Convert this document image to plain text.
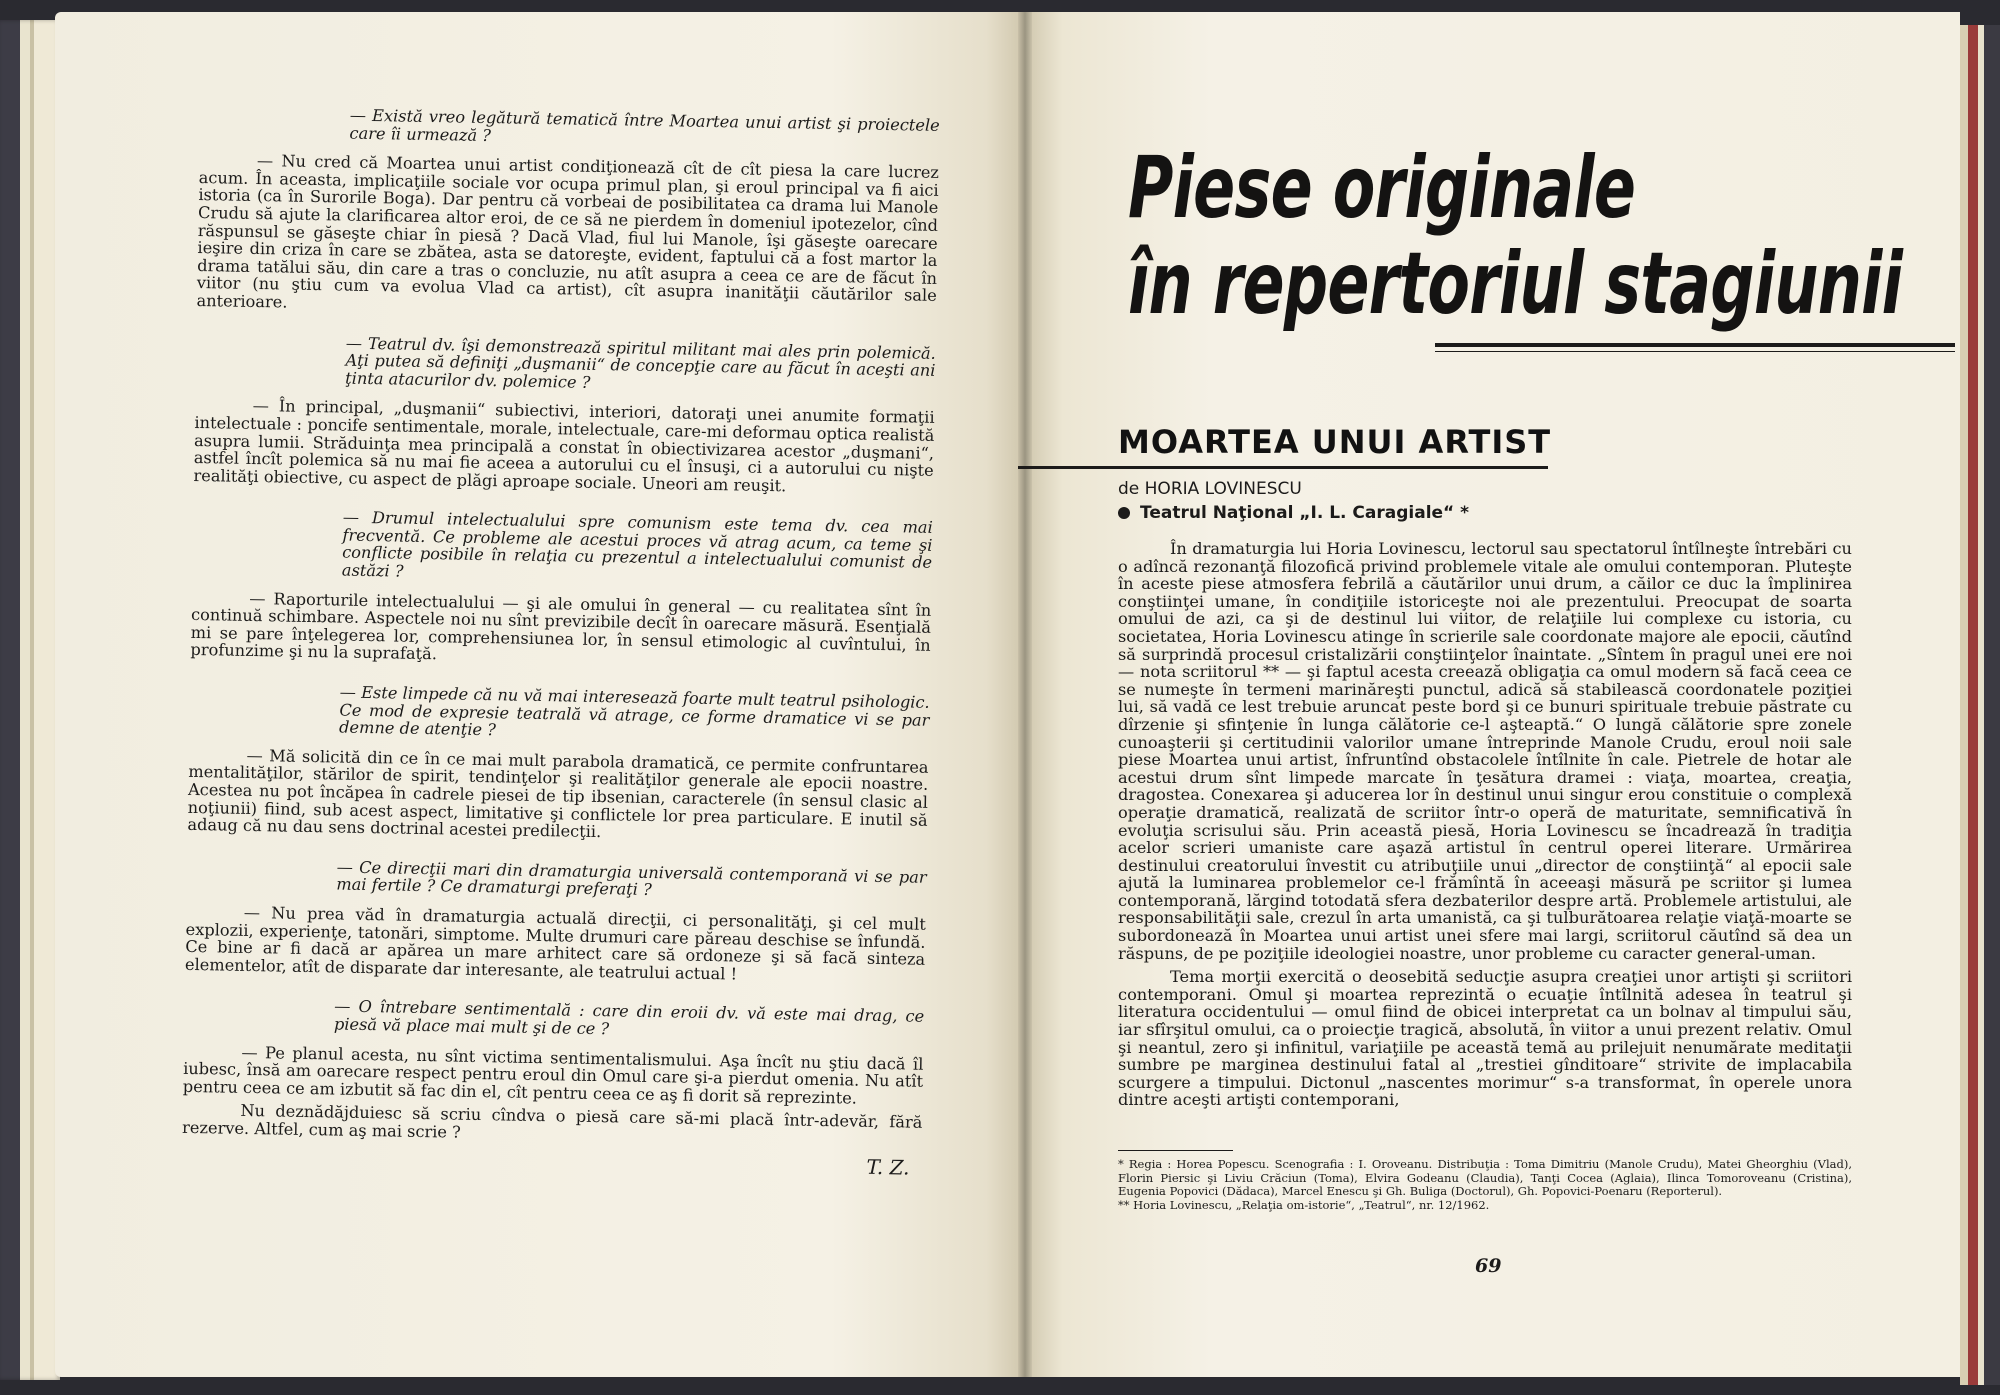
— Există vreo legătură tematică între Moartea unui artist şi proiectele care îi urmează ?

— Nu cred că Moartea unui artist condiţionează cît de cît piesa la care lucrez acum. În aceasta, implicaţiile sociale vor ocupa primul plan, şi eroul principal va fi aici istoria (ca în Surorile Boga). Dar pentru că vorbeai de posibilitatea ca drama lui Manole Crudu să ajute la clarificarea altor eroi, de ce să ne pierdem în domeniul ipotezelor, cînd răspunsul se găseşte chiar în piesă ? Dacă Vlad, fiul lui Manole, îşi găseşte oarecare ieşire din criza în care se zbătea, asta se datoreşte, evident, faptului că a fost martor la drama tatălui său, din care a tras o concluzie, nu atît asupra a ceea ce are de făcut în viitor (nu ştiu cum va evolua Vlad ca artist), cît asupra inanităţii căutărilor sale anterioare.

— Teatrul dv. îşi demonstrează spiritul militant mai ales prin polemică. Aţi putea să definiţi „duşmanii“ de concepţie care au făcut în aceşti ani ţinta atacurilor dv. polemice ?

— În principal, „duşmanii“ subiectivi, interiori, datoraţi unei anumite formaţii intelectuale : poncife sentimentale, morale, intelectuale, care-mi deformau optica realistă asupra lumii. Străduinţa mea principală a constat în obiectivizarea acestor „duşmani“, astfel încît polemica să nu mai fie aceea a autorului cu el însuşi, ci a autorului cu nişte realităţi obiective, cu aspect de plăgi aproape sociale. Uneori am reuşit.

— Drumul intelectualului spre comunism este tema dv. cea mai frecventă. Ce probleme ale acestui proces vă atrag acum, ca teme şi conflicte posibile în relaţia cu prezentul a intelectualului comunist de astăzi ?

— Raporturile intelectualului — şi ale omului în general — cu realitatea sînt în continuă schimbare. Aspectele noi nu sînt previzibile decît în oarecare măsură. Esenţială mi se pare înţelegerea lor, comprehensiunea lor, în sensul etimologic al cuvîntului, în profunzime şi nu la suprafaţă.

— Este limpede că nu vă mai interesează foarte mult teatrul psihologic. Ce mod de expresie teatrală vă atrage, ce forme dramatice vi se par demne de atenţie ?

— Mă solicită din ce în ce mai mult parabola dramatică, ce permite confruntarea mentalităţilor, stărilor de spirit, tendinţelor şi realităţilor generale ale epocii noastre. Acestea nu pot încăpea în cadrele piesei de tip ibsenian, caracterele (în sensul clasic al noţiunii) fiind, sub acest aspect, limitative şi conflictele lor prea particulare. E inutil să adaug că nu dau sens doctrinal acestei predilecţii.

— Ce direcţii mari din dramaturgia universală contemporană vi se par mai fertile ? Ce dramaturgi preferaţi ?

— Nu prea văd în dramaturgia actuală direcţii, ci personalităţi, şi cel mult explozii, experienţe, tatonări, simptome. Multe drumuri care păreau deschise se înfundă. Ce bine ar fi dacă ar apărea un mare arhitect care să ordoneze şi să facă sinteza elementelor, atît de disparate dar interesante, ale teatrului actual !

— O întrebare sentimentală : care din eroii dv. vă este mai drag, ce piesă vă place mai mult şi de ce ?

— Pe planul acesta, nu sînt victima sentimentalismului. Aşa încît nu ştiu dacă îl iubesc, însă am oarecare respect pentru eroul din Omul care şi-a pierdut omenia. Nu atît pentru ceea ce am izbutit să fac din el, cît pentru ceea ce aş fi dorit să reprezinte.

Nu deznădăjduiesc să scriu cîndva o piesă care să-mi placă într-adevăr, fără rezerve. Altfel, cum aş mai scrie ?

T. Z.
Piese originale
în repertoriul stagiunii
MOARTEA UNUI ARTIST
de HORIA LOVINESCU
Teatrul Naţional „I. L. Caragiale“ *

În dramaturgia lui Horia Lovinescu, lectorul sau spectatorul întîlneşte întrebări cu o adîncă rezonanţă filozofică privind problemele vitale ale omului contemporan. Pluteşte în aceste piese atmosfera febrilă a căutărilor unui drum, a căilor ce duc la împlinirea conştiinţei umane, în condiţiile istoriceşte noi ale prezentului. Preocupat de soarta omului de azi, ca şi de destinul lui viitor, de relaţiile lui complexe cu istoria, cu societatea, Horia Lovinescu atinge în scrierile sale coordonate majore ale epocii, căutînd să surprindă procesul cristalizării conştiinţelor înaintate. „Sîntem în pragul unei ere noi — nota scriitorul ** — şi faptul acesta creează obligaţia ca omul modern să facă ceea ce se numeşte în termeni marinăreşti punctul, adică să stabilească coordonatele poziţiei lui, să vadă ce lest trebuie aruncat peste bord şi ce bunuri spirituale trebuie păstrate cu dîrzenie şi sfinţenie în lunga călătorie ce-l aşteaptă.“ O lungă călătorie spre zonele cunoaşterii şi certitudinii valorilor umane întreprinde Manole Crudu, eroul noii sale piese Moartea unui artist, înfruntînd obstacolele întîlnite în cale. Pietrele de hotar ale acestui drum sînt limpede marcate în ţesătura dramei : viaţa, moartea, creaţia, dragostea. Conexarea şi aducerea lor în destinul unui singur erou constituie o complexă operaţie dramatică, realizată de scriitor într-o operă de maturitate, semnificativă în evoluţia scrisului său. Prin această piesă, Horia Lovinescu se încadrează în tradiţia acelor scrieri umaniste care aşază artistul în centrul operei literare. Urmărirea destinului creatorului învestit cu atribuţiile unui „director de conştiinţă“ al epocii sale ajută la luminarea problemelor ce-l frămîntă în aceeaşi măsură pe scriitor şi lumea contemporană, lărgind totodată sfera dezbaterilor despre artă. Problemele artistului, ale responsabilităţii sale, crezul în arta umanistă, ca şi tulburătoarea relaţie viaţă-moarte se subordonează în Moartea unui artist unei sfere mai largi, scriitorul căutînd să dea un răspuns, de pe poziţiile ideologiei noastre, unor probleme cu caracter general-uman.

Tema morţii exercită o deosebită seducţie asupra creaţiei unor artişti şi scriitori contemporani. Omul şi moartea reprezintă o ecuaţie întîlnită adesea în teatrul şi literatura occidentului — omul fiind de obicei interpretat ca un bolnav al timpului său, iar sfîrşitul omului, ca o proiecţie tragică, absolută, în viitor a unui prezent relativ. Omul şi neantul, zero şi infinitul, variaţiile pe această temă au prilejuit nenumărate meditaţii sumbre pe marginea destinului fatal al „trestiei gînditoare“ strivite de implacabila scurgere a timpului. Dictonul „nascentes morimur“ s-a transformat, în operele unora dintre aceşti artişti contemporani,

* Regia : Horea Popescu. Scenografia : I. Oroveanu. Distribuţia : Toma Dimitriu (Manole Crudu), Matei Gheorghiu (Vlad), Florin Piersic şi Liviu Crăciun (Toma), Elvira Godeanu (Claudia), Tanţi Cocea (Aglaia), Ilinca Tomoroveanu (Cristina), Eugenia Popovici (Dădaca), Marcel Enescu şi Gh. Buliga (Doctorul), Gh. Popovici-Poenaru (Reporterul).

** Horia Lovinescu, „Relaţia om-istorie“, „Teatrul“, nr. 12/1962.

69
